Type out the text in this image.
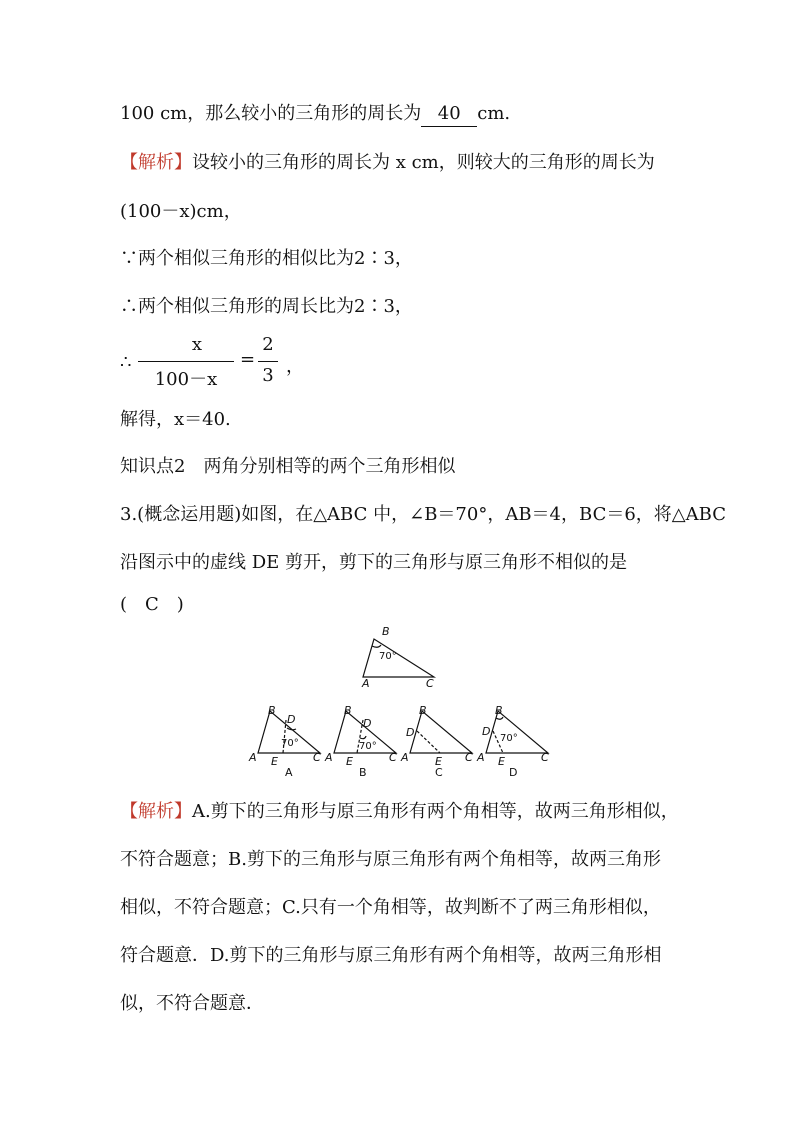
100 cm，那么较小的三角形的周长为 40 cm.
【解析】设较小的三角形的周长为 x cm，则较大的三角形的周长为
(100－x)cm，
∵两个相似三角形的相似比为2∶3，
∴两个相似三角形的周长比为2∶3，
∴
x
100－x
=
2
3 ，
解得，x＝40.
知识点2　两角分别相等的两个三角形相似
3.(概念运用题)如图，在△ABC 中，∠B＝70°，AB＝4，BC＝6，将△ABC
沿图示中的虚线 DE 剪开，剪下的三角形与原三角形不相似的是
(　C　)
B
A	C
70°
B
D
A E	C
70°
B
D
A E	C
70°
B
D
A E C
B
D
A E	C
70°
A	B	C	D
【解析】A.剪下的三角形与原三角形有两个角相等，故两三角形相似，
不符合题意；B.剪下的三角形与原三角形有两个角相等，故两三角形
相似，不符合题意；C.只有一个角相等，故判断不了两三角形相似，
符合题意．D.剪下的三角形与原三角形有两个角相等，故两三角形相
似，不符合题意．
